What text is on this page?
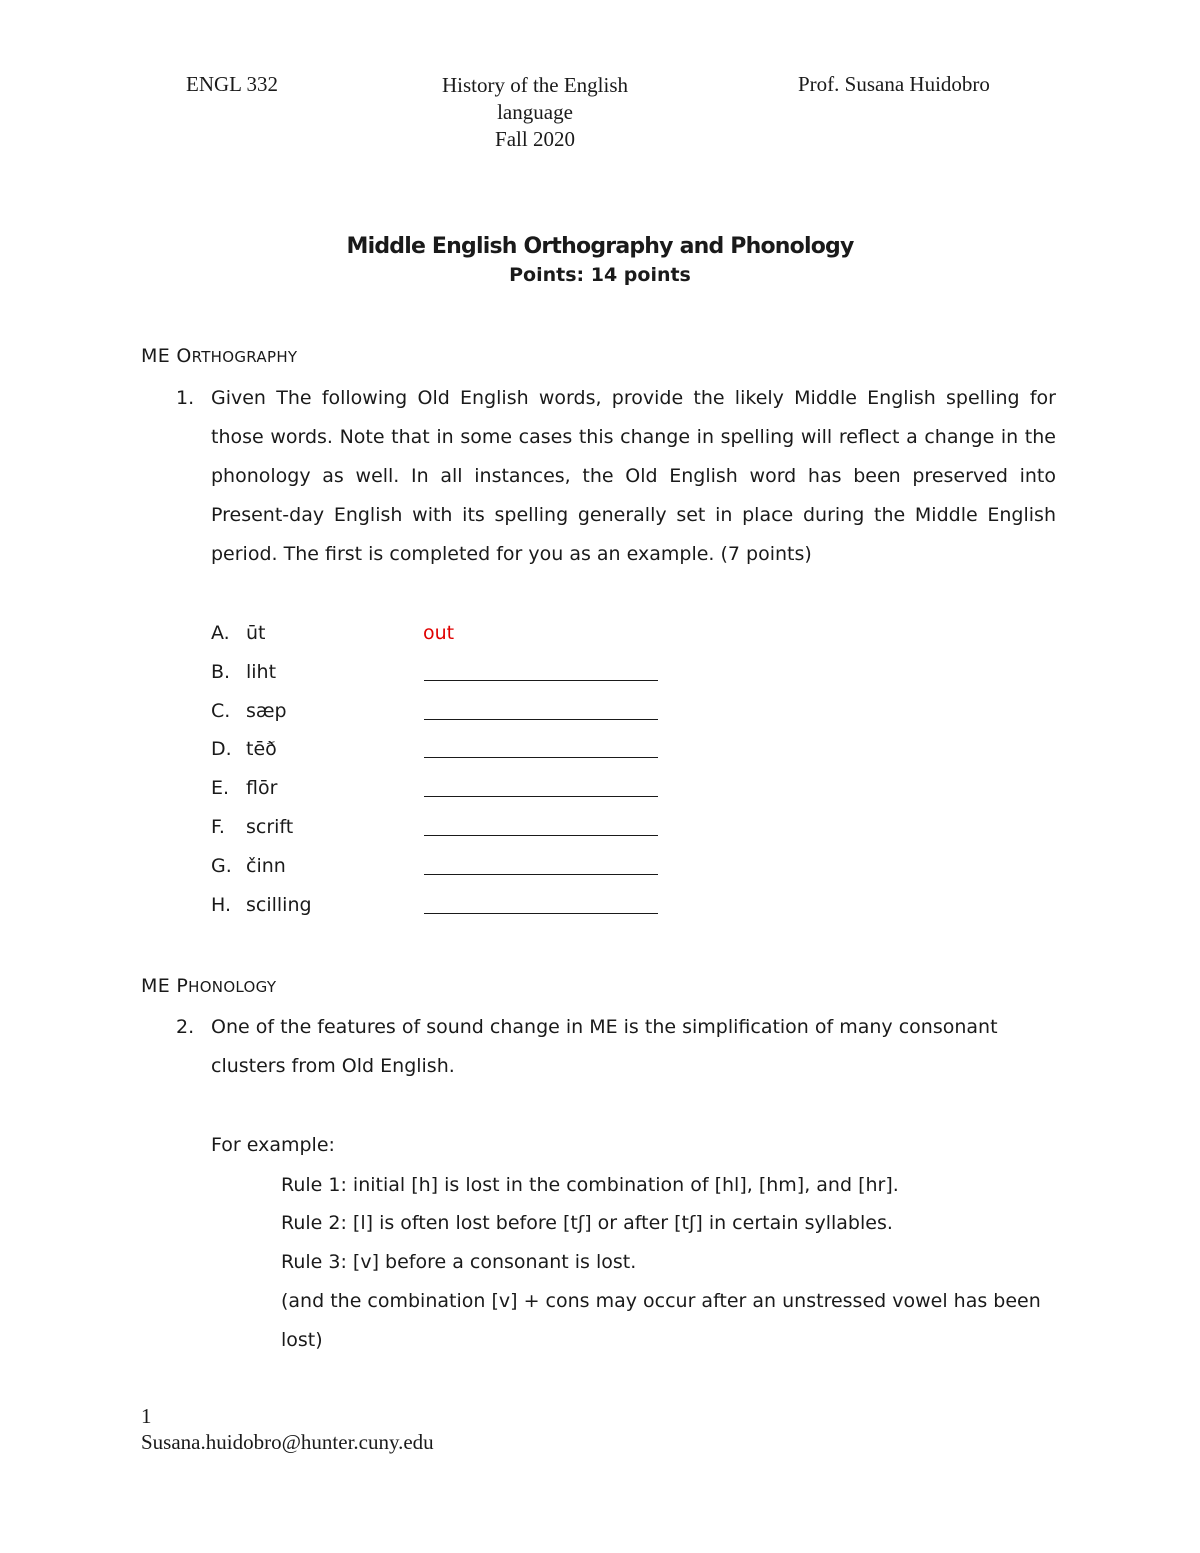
ENGL 332	History of the English
language
Fall 2020
Prof. Susana Huidobro
Middle English Orthography and Phonology
Points: 14 points
ME ORTHOGRAPHY
1. Given The following Old English words, provide the likely Middle English spelling for
those words. Note that in some cases this change in spelling will reflect a change in the
phonology as well. In all instances, the Old English word has been preserved into
Present-day English with its spelling generally set in place during the Middle English
period. The first is completed for you as an example. (7 points)
A. ūt	out
B. liht
C. sæp
D. tēð
E. flōr
F. scrift
G. činn
H. scilling
ME PHONOLOGY
2. One of the features of sound change in ME is the simplification of many consonant
clusters from Old English.
For example:
Rule 1: initial [h] is lost in the combination of [hl], [hm], and [hr].
Rule 2: [l] is often lost before [tʃ] or after [tʃ] in certain syllables.
Rule 3: [v] before a consonant is lost.
(and the combination [v] + cons may occur after an unstressed vowel has been
lost)
1
Susana.huidobro@hunter.cuny.edu
